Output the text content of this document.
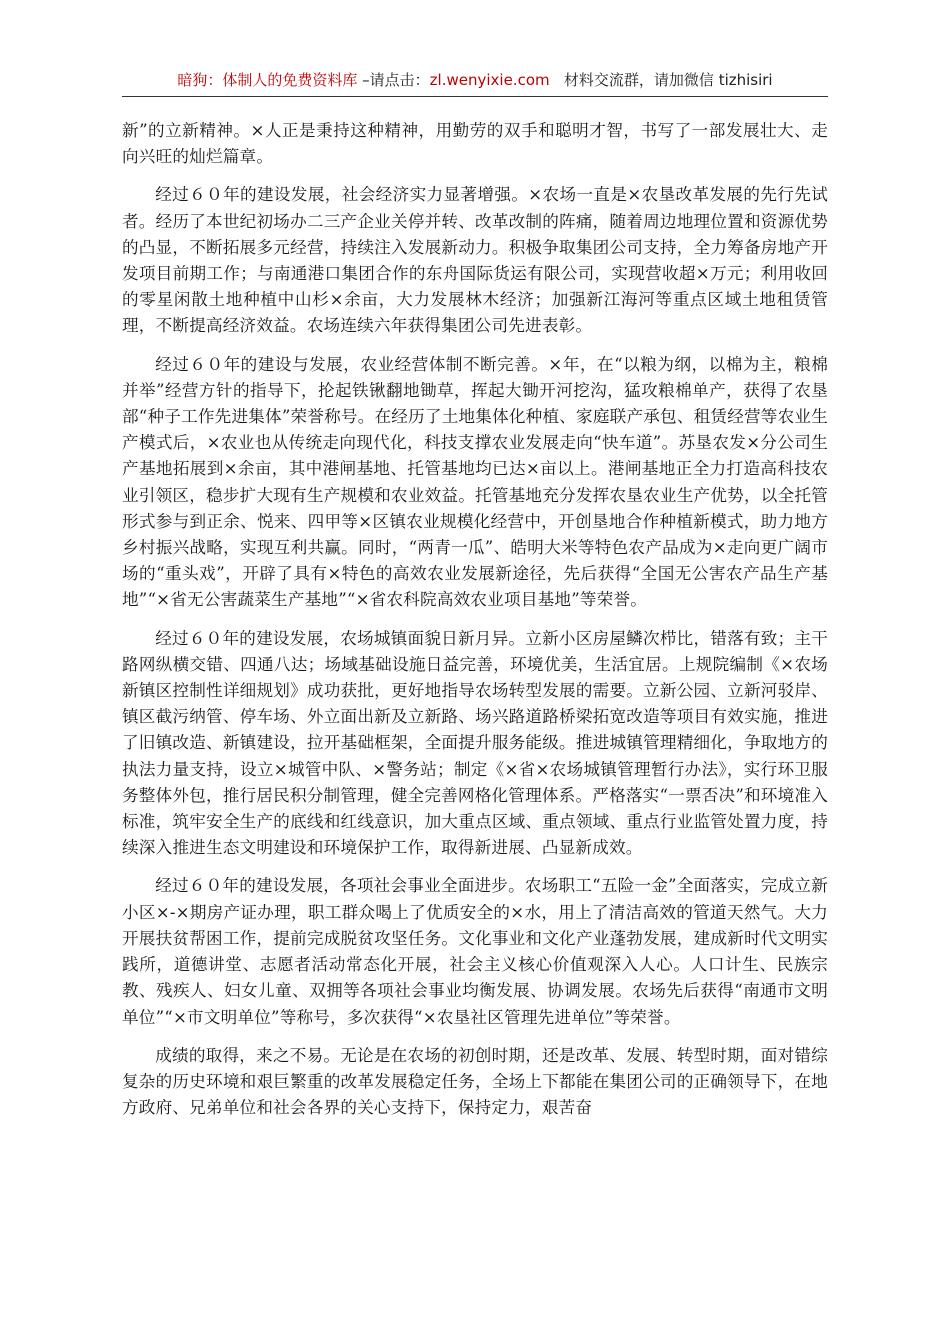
暗狗：体制人的免费资料库 –请点击：zl.wenyixie.com 材料交流群，请加微信 tizhisiri

新”的立新精神。×人正是秉持这种精神，用勤劳的双手和聪明才智，书写了一部发展壮大、走向兴旺的灿烂篇章。

经过６０年的建设发展，社会经济实力显著增强。×农场一直是×农垦改革发展的先行先试者。经历了本世纪初场办二三产企业关停并转、改革改制的阵痛，随着周边地理位置和资源优势的凸显，不断拓展多元经营，持续注入发展新动力。积极争取集团公司支持，全力筹备房地产开发项目前期工作；与南通港口集团合作的东舟国际货运有限公司，实现营收超×万元；利用收回的零星闲散土地种植中山杉×余亩，大力发展林木经济；加强新江海河等重点区域土地租赁管理，不断提高经济效益。农场连续六年获得集团公司先进表彰。

经过６０年的建设与发展，农业经营体制不断完善。×年，在“以粮为纲，以棉为主，粮棉并举”经营方针的指导下，抡起铁锹翻地锄草，挥起大锄开河挖沟，猛攻粮棉单产，获得了农垦部“种子工作先进集体”荣誉称号。在经历了土地集体化种植、家庭联产承包、租赁经营等农业生产模式后，×农业也从传统走向现代化，科技支撑农业发展走向“快车道”。苏垦农发×分公司生产基地拓展到×余亩，其中港闸基地、托管基地均已达×亩以上。港闸基地正全力打造高科技农业引领区，稳步扩大现有生产规模和农业效益。托管基地充分发挥农垦农业生产优势，以全托管形式参与到正余、悦来、四甲等×区镇农业规模化经营中，开创垦地合作种植新模式，助力地方乡村振兴战略，实现互利共赢。同时，“两青一瓜”、皓明大米等特色农产品成为×走向更广阔市场的“重头戏”，开辟了具有×特色的高效农业发展新途径，先后获得“全国无公害农产品生产基地”“×省无公害蔬菜生产基地”“×省农科院高效农业项目基地”等荣誉。

经过６０年的建设发展，农场城镇面貌日新月异。立新小区房屋鳞次栉比，错落有致；主干路网纵横交错、四通八达；场域基础设施日益完善，环境优美，生活宜居。上规院编制《×农场新镇区控制性详细规划》成功获批，更好地指导农场转型发展的需要。立新公园、立新河驳岸、镇区截污纳管、停车场、外立面出新及立新路、场兴路道路桥梁拓宽改造等项目有效实施，推进了旧镇改造、新镇建设，拉开基础框架，全面提升服务能级。推进城镇管理精细化，争取地方的执法力量支持，设立×城管中队、×警务站；制定《×省×农场城镇管理暂行办法》，实行环卫服务整体外包，推行居民积分制管理，健全完善网格化管理体系。严格落实“一票否决”和环境准入标准，筑牢安全生产的底线和红线意识，加大重点区域、重点领域、重点行业监管处置力度，持续深入推进生态文明建设和环境保护工作，取得新进展、凸显新成效。

经过６０年的建设发展，各项社会事业全面进步。农场职工“五险一金”全面落实，完成立新小区×-×期房产证办理，职工群众喝上了优质安全的×水，用上了清洁高效的管道天然气。大力开展扶贫帮困工作，提前完成脱贫攻坚任务。文化事业和文化产业蓬勃发展，建成新时代文明实践所，道德讲堂、志愿者活动常态化开展，社会主义核心价值观深入人心。人口计生、民族宗教、残疾人、妇女儿童、双拥等各项社会事业均衡发展、协调发展。农场先后获得“南通市文明单位”“×市文明单位”等称号，多次获得“×农垦社区管理先进单位”等荣誉。

成绩的取得，来之不易。无论是在农场的初创时期，还是改革、发展、转型时期，面对错综复杂的历史环境和艰巨繁重的改革发展稳定任务，全场上下都能在集团公司的正确领导下，在地方政府、兄弟单位和社会各界的关心支持下，保持定力，艰苦奋
